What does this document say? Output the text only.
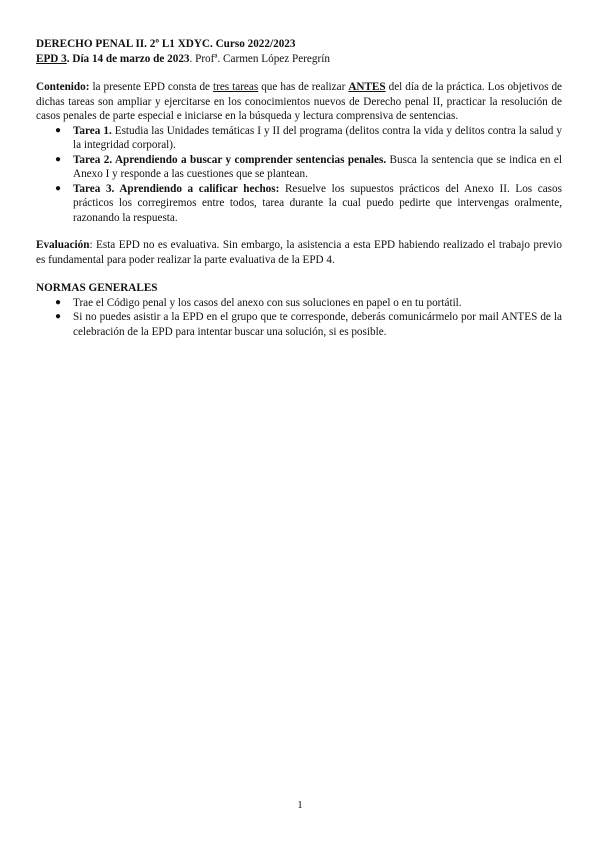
DERECHO PENAL II. 2º L1 XDYC. Curso 2022/2023
EPD 3. Día 14 de marzo de 2023. Profª. Carmen López Peregrín
Contenido: la presente EPD consta de tres tareas que has de realizar ANTES del día de la práctica. Los objetivos de dichas tareas son ampliar y ejercitarse en los conocimientos nuevos de Derecho penal II, practicar la resolución de casos penales de parte especial e iniciarse en la búsqueda y lectura comprensiva de sentencias.
● Tarea 1. Estudia las Unidades temáticas I y II del programa (delitos contra la vida y delitos contra la salud y la integridad corporal).
● Tarea 2. Aprendiendo a buscar y comprender sentencias penales. Busca la sentencia que se indica en el Anexo I y responde a las cuestiones que se plantean.
● Tarea 3. Aprendiendo a calificar hechos: Resuelve los supuestos prácticos del Anexo II. Los casos prácticos los corregiremos entre todos, tarea durante la cual puedo pedirte que intervengas oralmente, razonando la respuesta.
Evaluación: Esta EPD no es evaluativa. Sin embargo, la asistencia a esta EPD habiendo realizado el trabajo previo es fundamental para poder realizar la parte evaluativa de la EPD 4.
NORMAS GENERALES
● Trae el Código penal y los casos del anexo con sus soluciones en papel o en tu portátil.
● Si no puedes asistir a la EPD en el grupo que te corresponde, deberás comunicármelo por mail ANTES de la celebración de la EPD para intentar buscar una solución, si es posible.
1
